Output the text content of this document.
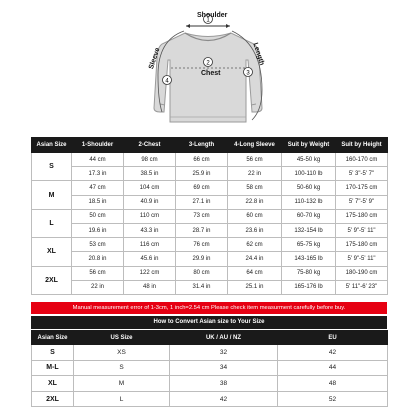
1
2
3
4
Shoulder
Chest
Sleeve	Length
Asian Size	1-Shoulder	2-Chest	3-Length	4-Long Sleeve	Suit by Weight	Suit by Height
S	44 cm	98 cm	66 cm	56 cm	45-50 kg	160-170 cm
	17.3 in	38.5 in	25.9 in	22 in	100-110 lb	5' 3"-5' 7"
M	47 cm	104 cm	69 cm	58 cm	50-60 kg	170-175 cm
	18.5 in	40.9 in	27.1 in	22.8 in	110-132 lb	5' 7"-5' 9"
L	50 cm	110 cm	73 cm	60 cm	60-70 kg	175-180 cm
	19.6 in	43.3 in	28.7 in	23.6 in	132-154 lb	5' 9"-5' 11"
XL	53 cm	116 cm	76 cm	62 cm	65-75 kg	175-180 cm
	20.8 in	45.6 in	29.9 in	24.4 in	143-165 lb	5' 9"-5' 11"
2XL	56 cm	122 cm	80 cm	64 cm	75-80 kg	180-190 cm
	22 in	48 in	31.4 in	25.1 in	165-176 lb	5' 11"-6' 23"
Manual measurement error of 1-3cm, 1 inch=2.54 cm Please check item measurment carefully before buy.
How to Convert Asian size to Your Size
Asian Size	US Size	UK / AU / NZ	EU
S	XS	32	42
M-L	S	34	44
XL	M	38	48
2XL	L	42	52
